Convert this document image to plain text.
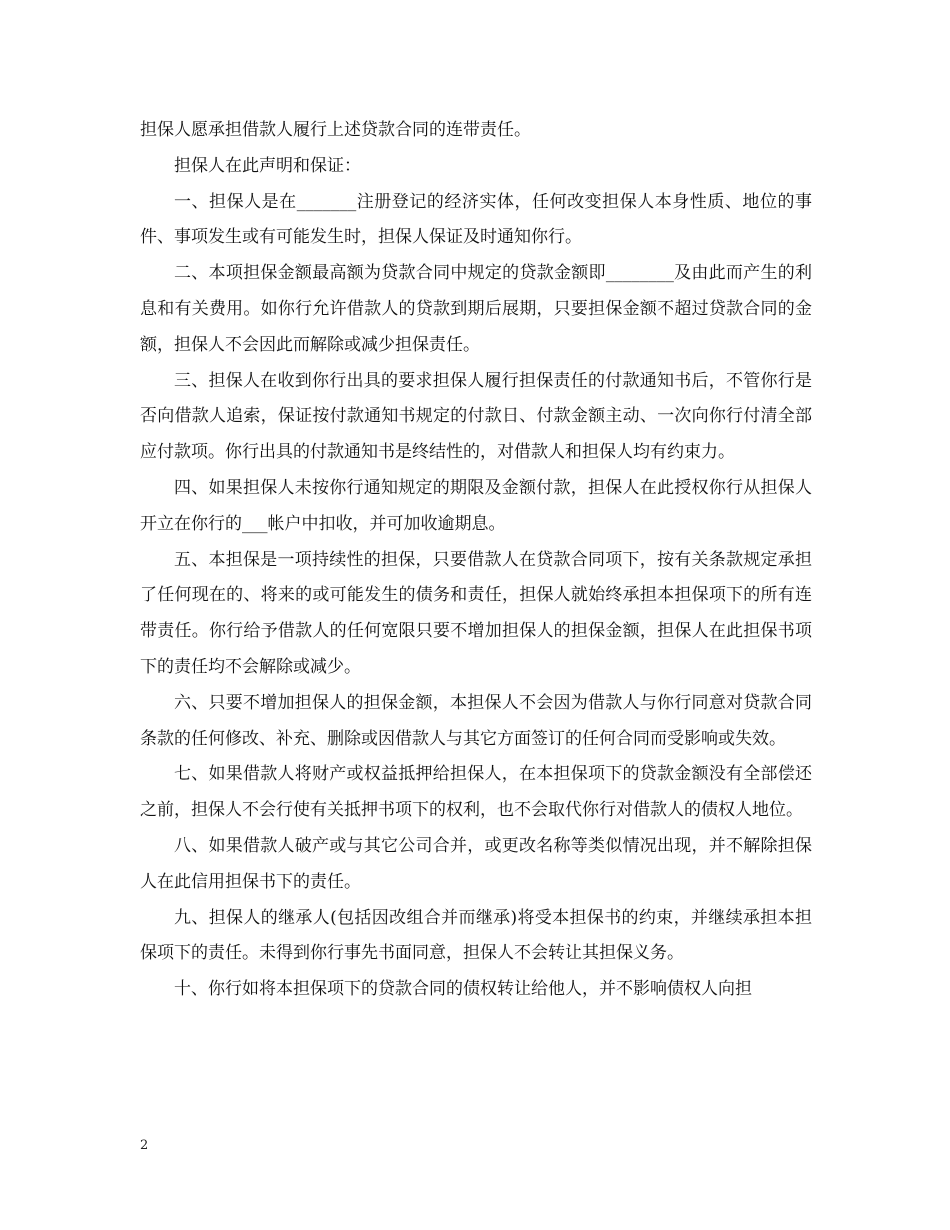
担保人愿承担借款人履行上述贷款合同的连带责任。

担保人在此声明和保证：

一、担保人是在_______注册登记的经济实体，任何改变担保人本身性质、地位的事件、事项发生或有可能发生时，担保人保证及时通知你行。

二、本项担保金额最高额为贷款合同中规定的贷款金额即________及由此而产生的利息和有关费用。如你行允许借款人的贷款到期后展期，只要担保金额不超过贷款合同的金额，担保人不会因此而解除或减少担保责任。

三、担保人在收到你行出具的要求担保人履行担保责任的付款通知书后，不管你行是否向借款人追索，保证按付款通知书规定的付款日、付款金额主动、一次向你行付清全部应付款项。你行出具的付款通知书是终结性的，对借款人和担保人均有约束力。

四、如果担保人未按你行通知规定的期限及金额付款，担保人在此授权你行从担保人开立在你行的___帐户中扣收，并可加收逾期息。

五、本担保是一项持续性的担保，只要借款人在贷款合同项下，按有关条款规定承担了任何现在的、将来的或可能发生的债务和责任，担保人就始终承担本担保项下的所有连带责任。你行给予借款人的任何宽限只要不增加担保人的担保金额，担保人在此担保书项下的责任均不会解除或减少。

六、只要不增加担保人的担保金额，本担保人不会因为借款人与你行同意对贷款合同条款的任何修改、补充、删除或因借款人与其它方面签订的任何合同而受影响或失效。

七、如果借款人将财产或权益抵押给担保人，在本担保项下的贷款金额没有全部偿还之前，担保人不会行使有关抵押书项下的权利，也不会取代你行对借款人的债权人地位。

八、如果借款人破产或与其它公司合并，或更改名称等类似情况出现，并不解除担保人在此信用担保书下的责任。

九、担保人的继承人(包括因改组合并而继承)将受本担保书的约束，并继续承担本担保项下的责任。未得到你行事先书面同意，担保人不会转让其担保义务。

十、你行如将本担保项下的贷款合同的债权转让给他人，并不影响债权人向担

2
